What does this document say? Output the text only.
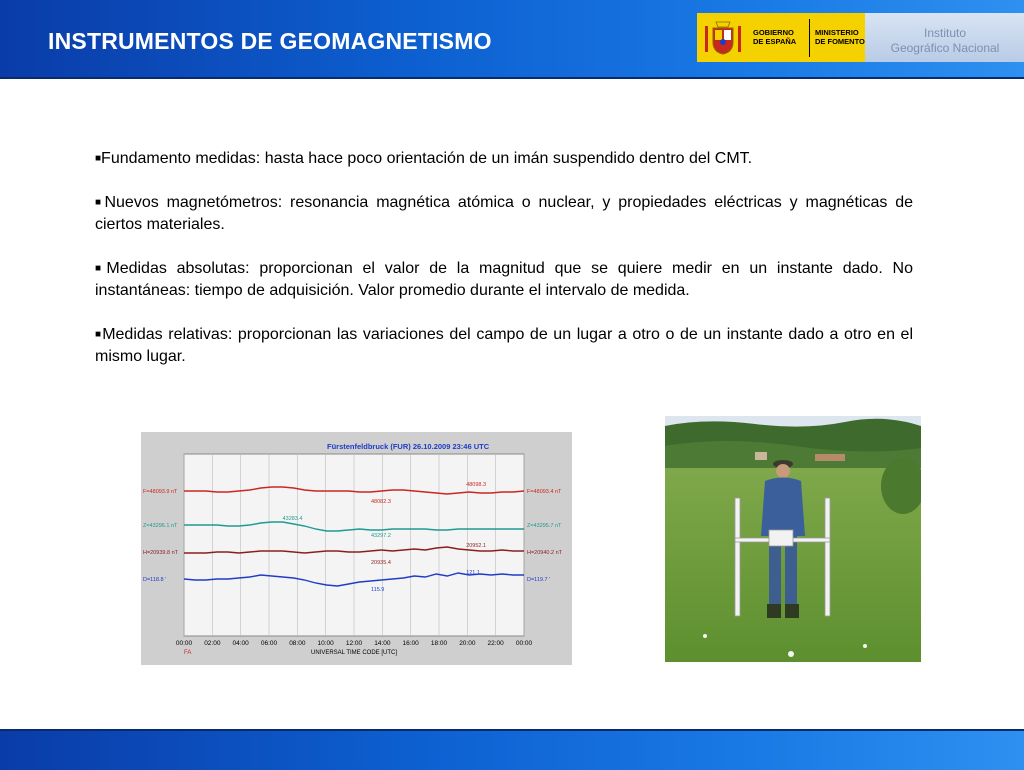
INSTRUMENTOS DE GEOMAGNETISMO	GOBIERNO
DE ESPAÑA
MINISTERIO
DE FOMENTO
Instituto
Geográfico Nacional

■Fundamento medidas: hasta hace poco orientación de un imán suspendido dentro del CMT.

■Nuevos magnetómetros: resonancia magnética atómica o nuclear, y propiedades eléctricas y magnéticas de ciertos materiales.

■Medidas absolutas: proporcionan el valor de la magnitud que se quiere medir en un instante dado. No instantáneas: tiempo de adquisición. Valor promedio durante el intervalo de medida.

■Medidas relativas: proporcionan las variaciones del campo de un lugar a otro o de un instante dado a otro en el mismo lugar.

Fürstenfeldbruck (FUR) 26.10.2009 23:46 UTC
F=48093.9 nT	F=48093.4 nT
48082.3
48098.3
Z=43296.1 nT	Z=43295.7 nT
43297.2
43283.4
H=20939.8 nT	H=20940.2 nT
20935.4
20952.1
D=118.8 '	D=119.7 '
115.9
121.1
00:00 02:00 04:00 06:00 08:00 10:00 12:00 14:00 16:00 18:00 20:00 22:00 00:00
UNIVERSAL TIME CODE [UTC]
FA
